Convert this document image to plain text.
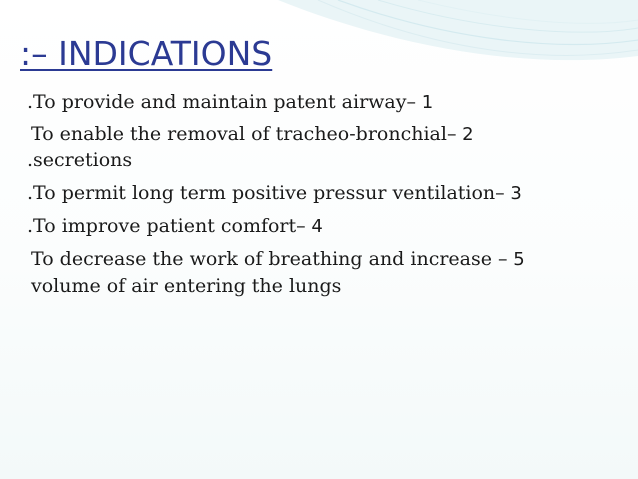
:– INDICATIONS

.To provide and maintain patent airway– 1

To enable the removal of tracheo-bronchial– 2

.secretions

.To permit long term positive pressur ventilation– 3

.To improve patient comfort– 4

To decrease the work of breathing and increase – 5

volume of air entering the lungs
